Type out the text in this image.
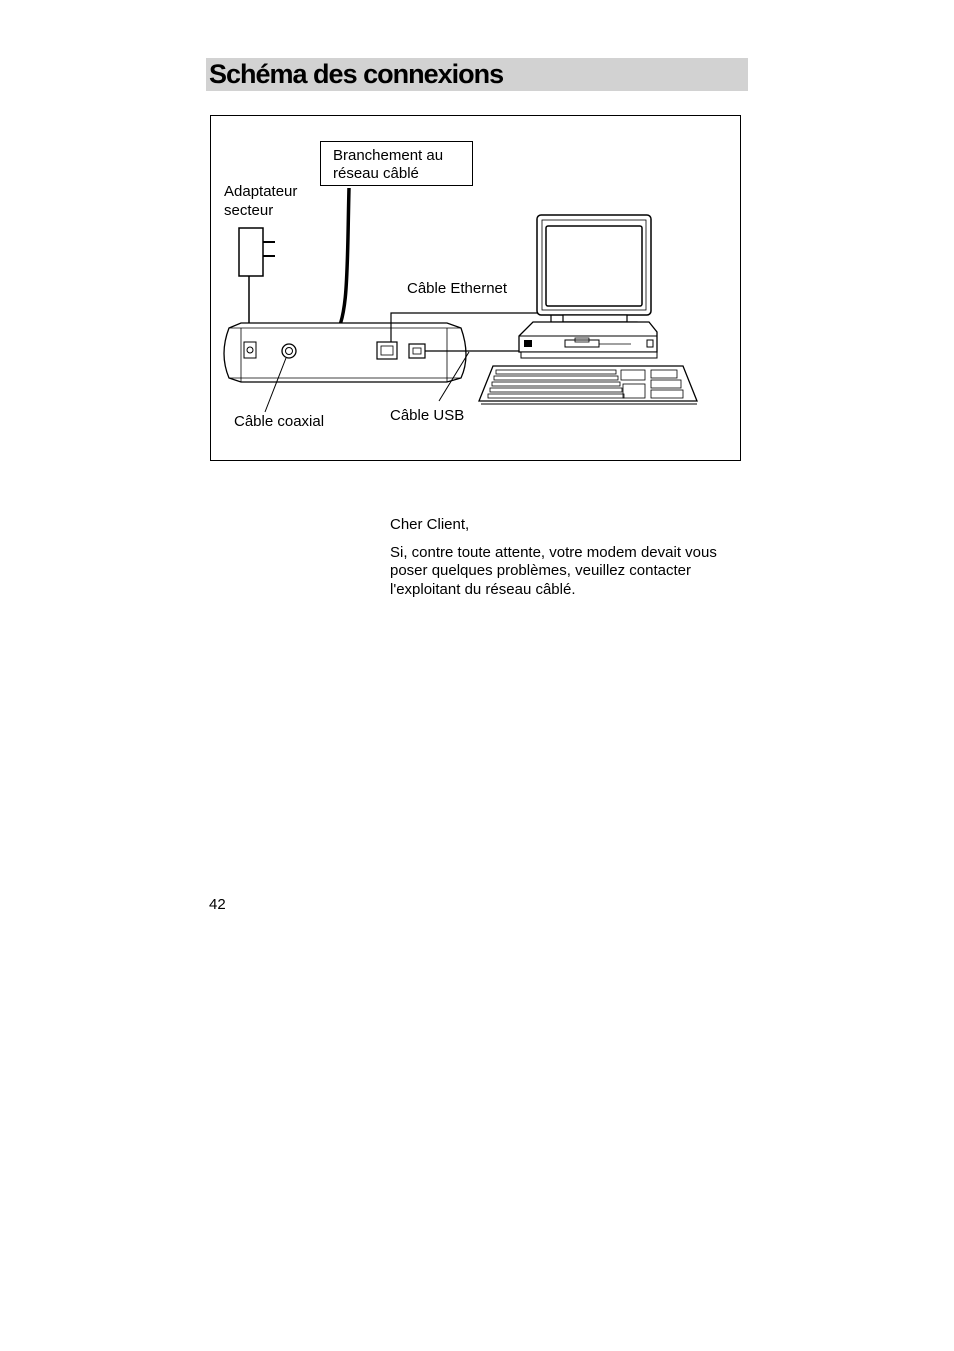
Schéma des connexions
Branchement au
réseau câblé
Adaptateur
secteur
Câble Ethernet
Câble coaxial	Câble USB

Cher Client,

Si, contre toute attente, votre modem devait vous
poser quelques problèmes, veuillez contacter
l'exploitant du réseau câblé.

42
